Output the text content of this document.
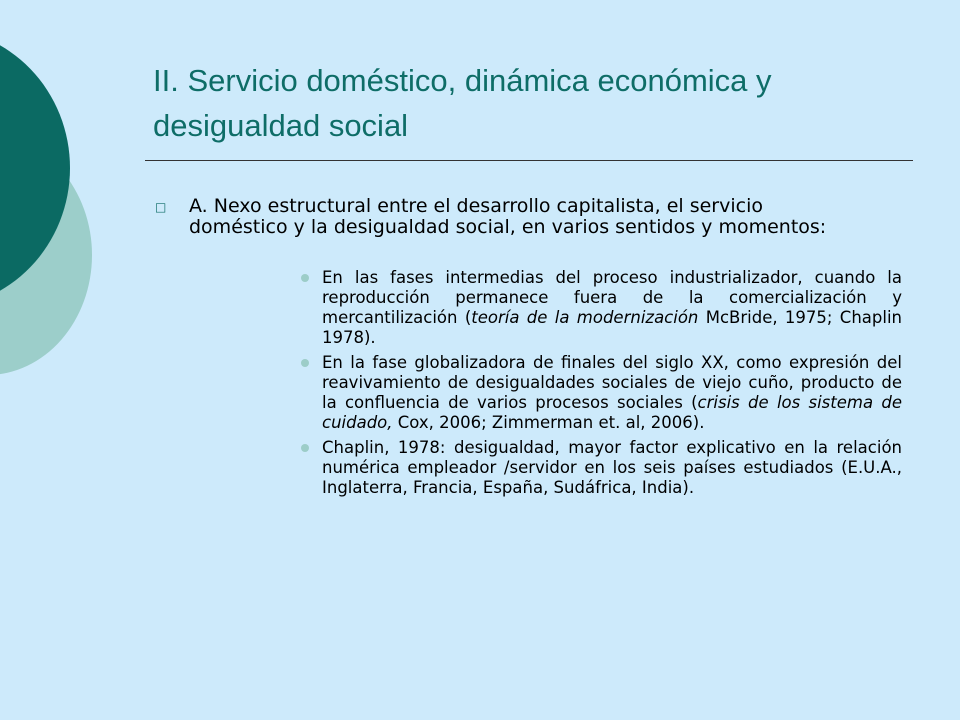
II. Servicio doméstico, dinámica económica y desigualdad social
□ A. Nexo estructural entre el desarrollo capitalista, el servicio doméstico y la desigualdad social, en varios sentidos y momentos:

En las fases intermedias del proceso industrializador, cuando la reproducción permanece fuera de la comercialización y mercantilización (teoría de la modernización McBride, 1975; Chaplin 1978).

En la fase globalizadora de finales del siglo XX, como expresión del reavivamiento de desigualdades sociales de viejo cuño, producto de la confluencia de varios procesos sociales (crisis de los sistema de cuidado, Cox, 2006; Zimmerman et. al, 2006).

Chaplin, 1978: desigualdad, mayor factor explicativo en la relación numérica empleador /servidor en los seis países estudiados (E.U.A., Inglaterra, Francia, España, Sudáfrica, India).
